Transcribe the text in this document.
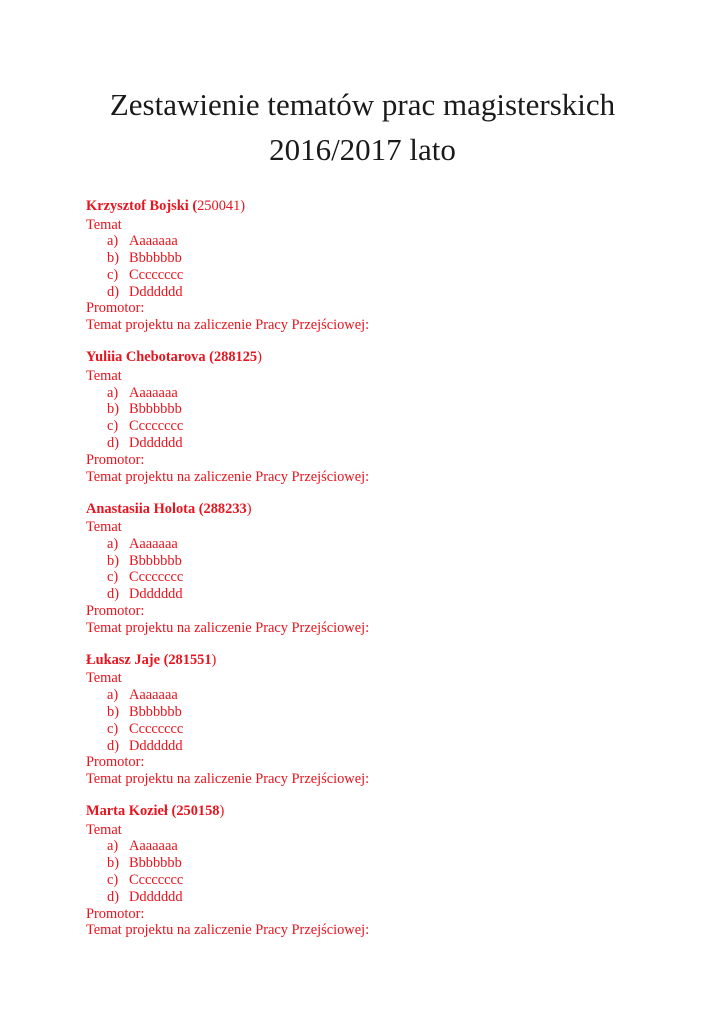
Zestawienie tematów prac magisterskich
2016/2017 lato
Krzysztof Bojski (250041)
Temat
a) Aaaaaaa
b) Bbbbbbb
c) Cccccccc
d) Ddddddd
Promotor:
Temat projektu na zaliczenie Pracy Przejściowej:
Yuliia Chebotarova (288125)
Temat
a) Aaaaaaa
b) Bbbbbbb
c) Cccccccc
d) Ddddddd
Promotor:
Temat projektu na zaliczenie Pracy Przejściowej:
Anastasiia Holota (288233)
Temat
a) Aaaaaaa
b) Bbbbbbb
c) Cccccccc
d) Ddddddd
Promotor:
Temat projektu na zaliczenie Pracy Przejściowej:
Łukasz Jaje (281551)
Temat
a) Aaaaaaa
b) Bbbbbbb
c) Cccccccc
d) Ddddddd
Promotor:
Temat projektu na zaliczenie Pracy Przejściowej:
Marta Kozieł (250158)
Temat
a) Aaaaaaa
b) Bbbbbbb
c) Cccccccc
d) Ddddddd
Promotor:
Temat projektu na zaliczenie Pracy Przejściowej:
